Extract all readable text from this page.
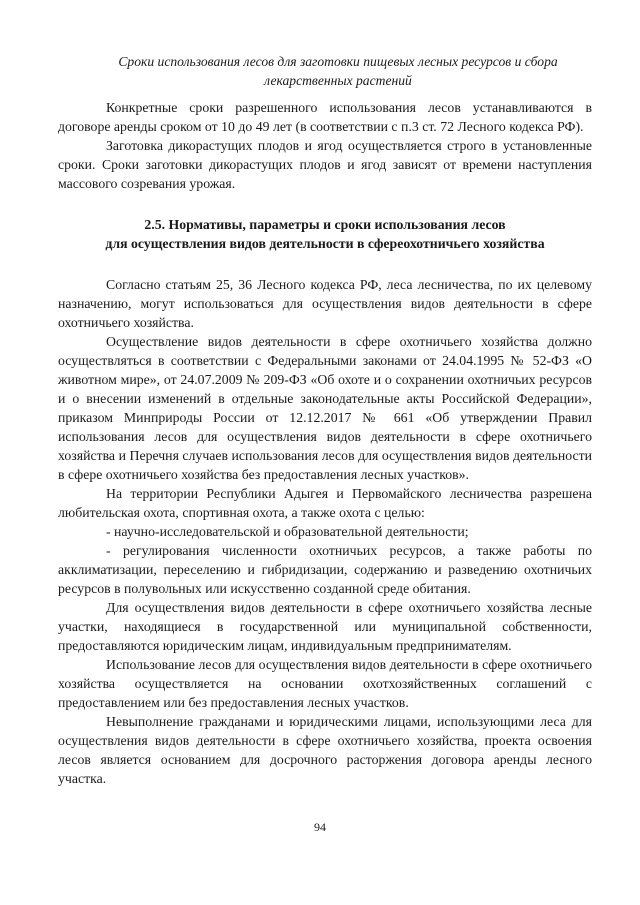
Сроки использования лесов для заготовки пищевых лесных ресурсов и сбора
лекарственных растений

Конкретные сроки разрешенного использования лесов устанавливаются в договоре аренды сроком от 10 до 49 лет (в соответствии с п.3 ст. 72 Лесного кодекса РФ).

Заготовка дикорастущих плодов и ягод осуществляется строго в установленные сроки. Сроки заготовки дикорастущих плодов и ягод зависят от времени наступления массового созревания урожая.

2.5. Нормативы, параметры и сроки использования лесов
для осуществления видов деятельности в сфереохотничьего хозяйства

Согласно статьям 25, 36 Лесного кодекса РФ, леса лесничества, по их целевому назначению, могут использоваться для осуществления видов деятельности в сфере охотничьего хозяйства.

Осуществление видов деятельности в сфере охотничьего хозяйства должно осуществляться в соответствии с Федеральными законами от 24.04.1995 № 52-ФЗ «О животном мире», от 24.07.2009 № 209-ФЗ «Об охоте и о сохранении охотничьих ресурсов и о внесении изменений в отдельные законодательные акты Российской Федерации», приказом Минприроды России от 12.12.2017 № 661 «Об утверждении Правил использования лесов для осуществления видов деятельности в сфере охотничьего хозяйства и Перечня случаев использования лесов для осуществления видов деятельности в сфере охотничьего хозяйства без предоставления лесных участков».

На территории Республики Адыгея и Первомайского лесничества разрешена любительская охота, спортивная охота, а также охота с целью:

- научно-исследовательской и образовательной деятельности;

- регулирования численности охотничьих ресурсов, а также работы по акклиматизации, переселению и гибридизации, содержанию и разведению охотничьих ресурсов в полувольных или искусственно созданной среде обитания.

Для осуществления видов деятельности в сфере охотничьего хозяйства лесные участки, находящиеся в государственной или муниципальной собственности, предоставляются юридическим лицам, индивидуальным предпринимателям.

Использование лесов для осуществления видов деятельности в сфере охотничьего хозяйства осуществляется на основании охотхозяйственных соглашений с предоставлением или без предоставления лесных участков.

Невыполнение гражданами и юридическими лицами, использующими леса для осуществления видов деятельности в сфере охотничьего хозяйства, проекта освоения лесов является основанием для досрочного расторжения договора аренды лесного участка.

94
